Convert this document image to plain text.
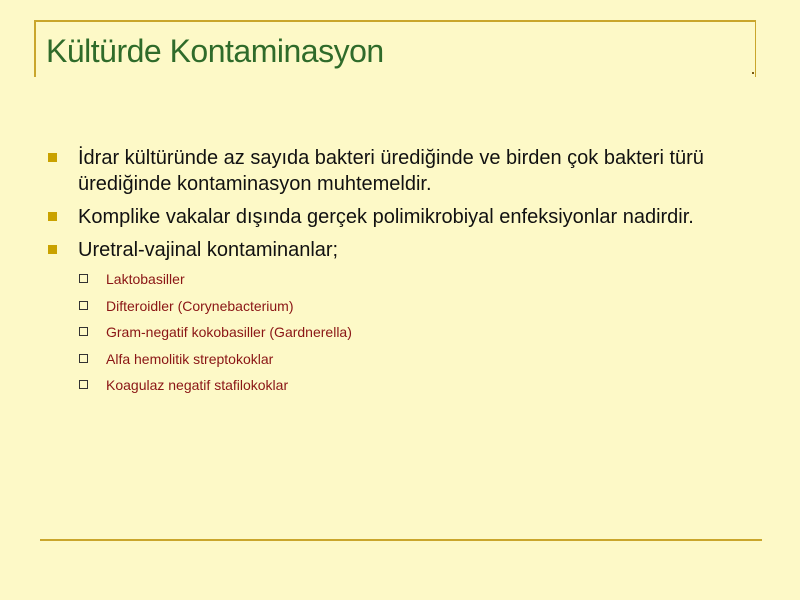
Kültürde Kontaminasyon
İdrar kültüründe az sayıda bakteri ürediğinde ve birden çok bakteri türü ürediğinde kontaminasyon muhtemeldir.
Komplike vakalar dışında gerçek polimikrobiyal enfeksiyonlar nadirdir.
Uretral-vajinal kontaminanlar;
Laktobasiller
Difteroidler (Corynebacterium)
Gram-negatif kokobasiller (Gardnerella)
Alfa hemolitik streptokoklar
Koagulaz negatif stafilokoklar
